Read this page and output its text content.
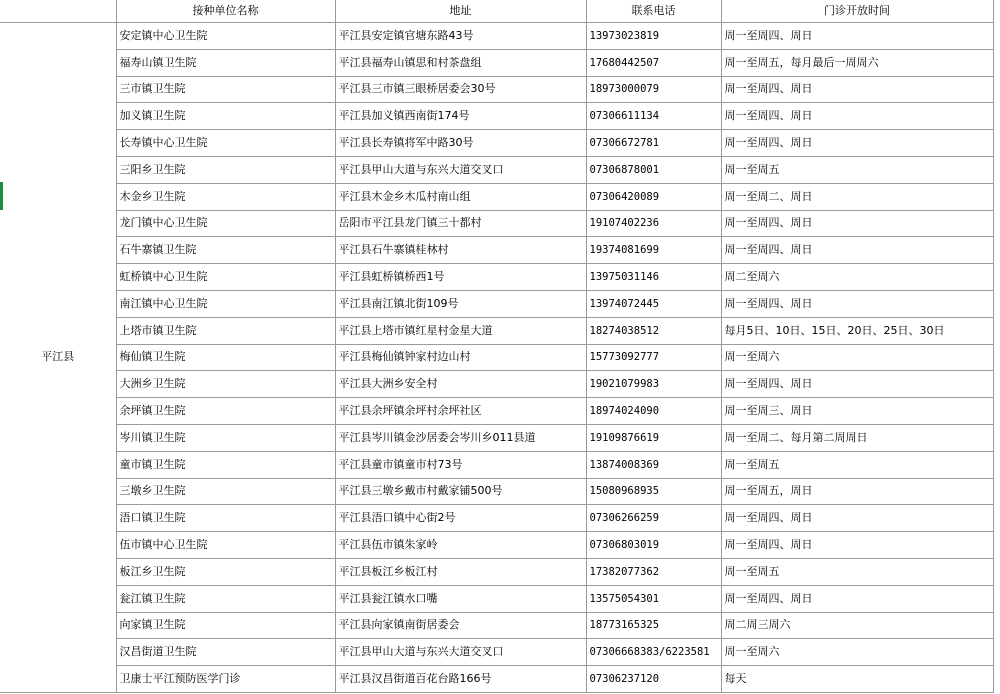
	接种单位名称	地址	联系电话	门诊开放时间
平江县	安定镇中心卫生院	平江县安定镇官塘东路43号	13973023819	周一至周四、周日
	福寿山镇卫生院	平江县福寿山镇思和村茶盘组	17680442507	周一至周五，每月最后一周周六
	三市镇卫生院	平江县三市镇三眼桥居委会30号	18973000079	周一至周四、周日
	加义镇卫生院	平江县加义镇西南街174号	07306611134	周一至周四、周日
	长寿镇中心卫生院	平江县长寿镇将军中路30号	07306672781	周一至周四、周日
	三阳乡卫生院	平江县甲山大道与东兴大道交叉口	07306878001	周一至周五
	木金乡卫生院	平江县木金乡木瓜村南山组	07306420089	周一至周二、周日
	龙门镇中心卫生院	岳阳市平江县龙门镇三十都村	19107402236	周一至周四、周日
	石牛寨镇卫生院	平江县石牛寨镇桂林村	19374081699	周一至周四、周日
	虹桥镇中心卫生院	平江县虹桥镇桥西1号	13975031146	周二至周六
	南江镇中心卫生院	平江县南江镇北街109号	13974072445	周一至周四、周日
	上塔市镇卫生院	平江县上塔市镇红星村金星大道	18274038512	每月5日、10日、15日、20日、25日、30日
	梅仙镇卫生院	平江县梅仙镇钟家村边山村	15773092777	周一至周六
	大洲乡卫生院	平江县大洲乡安全村	19021079983	周一至周四、周日
	余坪镇卫生院	平江县余坪镇余坪村余坪社区	18974024090	周一至周三、周日
	岑川镇卫生院	平江县岑川镇金沙居委会岑川乡011县道	19109876619	周一至周二、每月第二周周日
	童市镇卫生院	平江县童市镇童市村73号	13874008369	周一至周五
	三墩乡卫生院	平江县三墩乡戴市村戴家铺500号	15080968935	周一至周五，周日
	浯口镇卫生院	平江县浯口镇中心街2号	07306266259	周一至周四、周日
	伍市镇中心卫生院	平江县伍市镇朱家岭	07306803019	周一至周四、周日
	板江乡卫生院	平江县板江乡板江村	17382077362	周一至周五
	瓮江镇卫生院	平江县瓮江镇水口嘴	13575054301	周一至周四、周日
	向家镇卫生院	平江县向家镇南街居委会	18773165325	周二周三周六
	汉昌街道卫生院	平江县甲山大道与东兴大道交叉口	07306668383/6223581	周一至周六
	卫康士平江预防医学门诊	平江县汉昌街道百花台路166号	07306237120	每天
